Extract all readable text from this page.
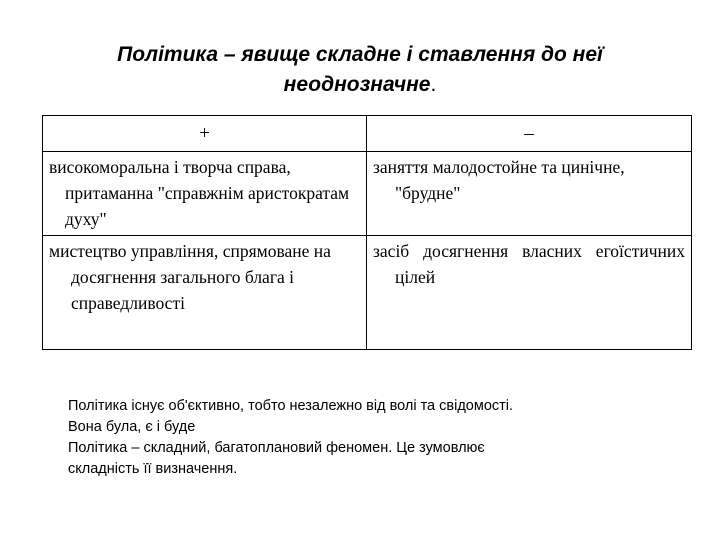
Політика – явище складне і ставлення до неї
неоднозначне.
+	–
високоморальна і творча справа, притаманна "справжнім аристократам духу"	заняття малодостойне та цинічне, "брудне"
мистецтво управління, спрямоване на досягнення загального блага і справедливості	засіб досягнення власних егоїстичних цілей
Політика існує об'єктивно, тобто незалежно від волі та свідомості.
Вона була, є і буде
Політика – складний, багатоплановий феномен. Це зумовлює
складність її визначення.
